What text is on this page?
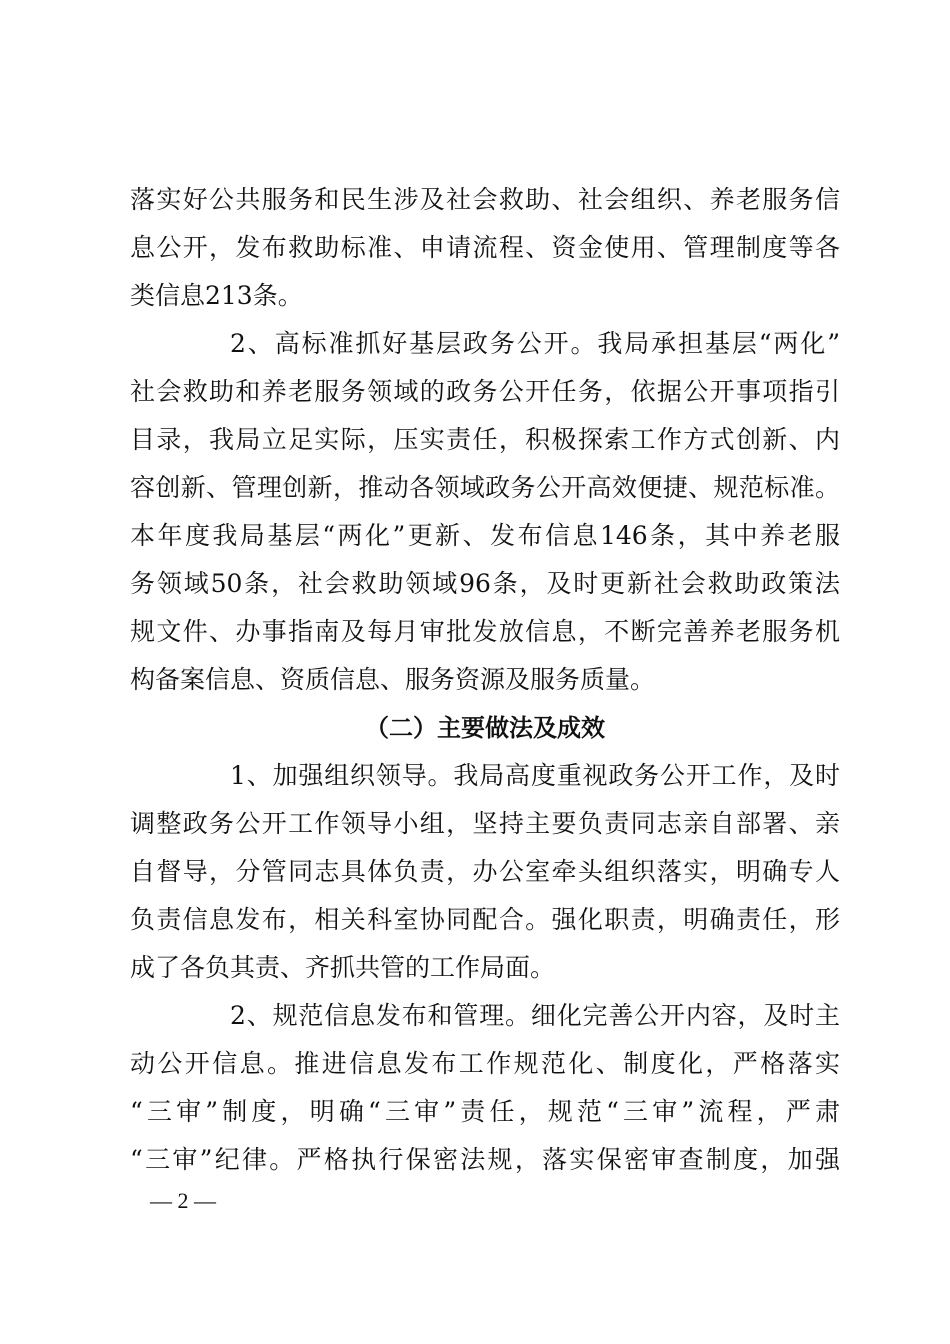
落实好公共服务和民生涉及社会救助、社会组织、养老服务信
息公开，发布救助标准、申请流程、资金使用、管理制度等各
类信息213条。
2、高标准抓好基层政务公开。我局承担基层“两化”
社会救助和养老服务领域的政务公开任务，依据公开事项指引
目录，我局立足实际，压实责任，积极探索工作方式创新、内
容创新、管理创新，推动各领域政务公开高效便捷、规范标准。
本年度我局基层“两化”更新、发布信息146条，其中养老服
务领域50条，社会救助领域96条，及时更新社会救助政策法
规文件、办事指南及每月审批发放信息，不断完善养老服务机
构备案信息、资质信息、服务资源及服务质量。
（二）主要做法及成效
1、加强组织领导。我局高度重视政务公开工作，及时
调整政务公开工作领导小组，坚持主要负责同志亲自部署、亲
自督导，分管同志具体负责，办公室牵头组织落实，明确专人
负责信息发布，相关科室协同配合。强化职责，明确责任，形
成了各负其责、齐抓共管的工作局面。
2、规范信息发布和管理。细化完善公开内容，及时主
动公开信息。推进信息发布工作规范化、制度化，严格落实
“三审”制度，明确“三审”责任，规范“三审”流程，严肃
“三审”纪律。严格执行保密法规，落实保密审查制度，加强
— 2 —
